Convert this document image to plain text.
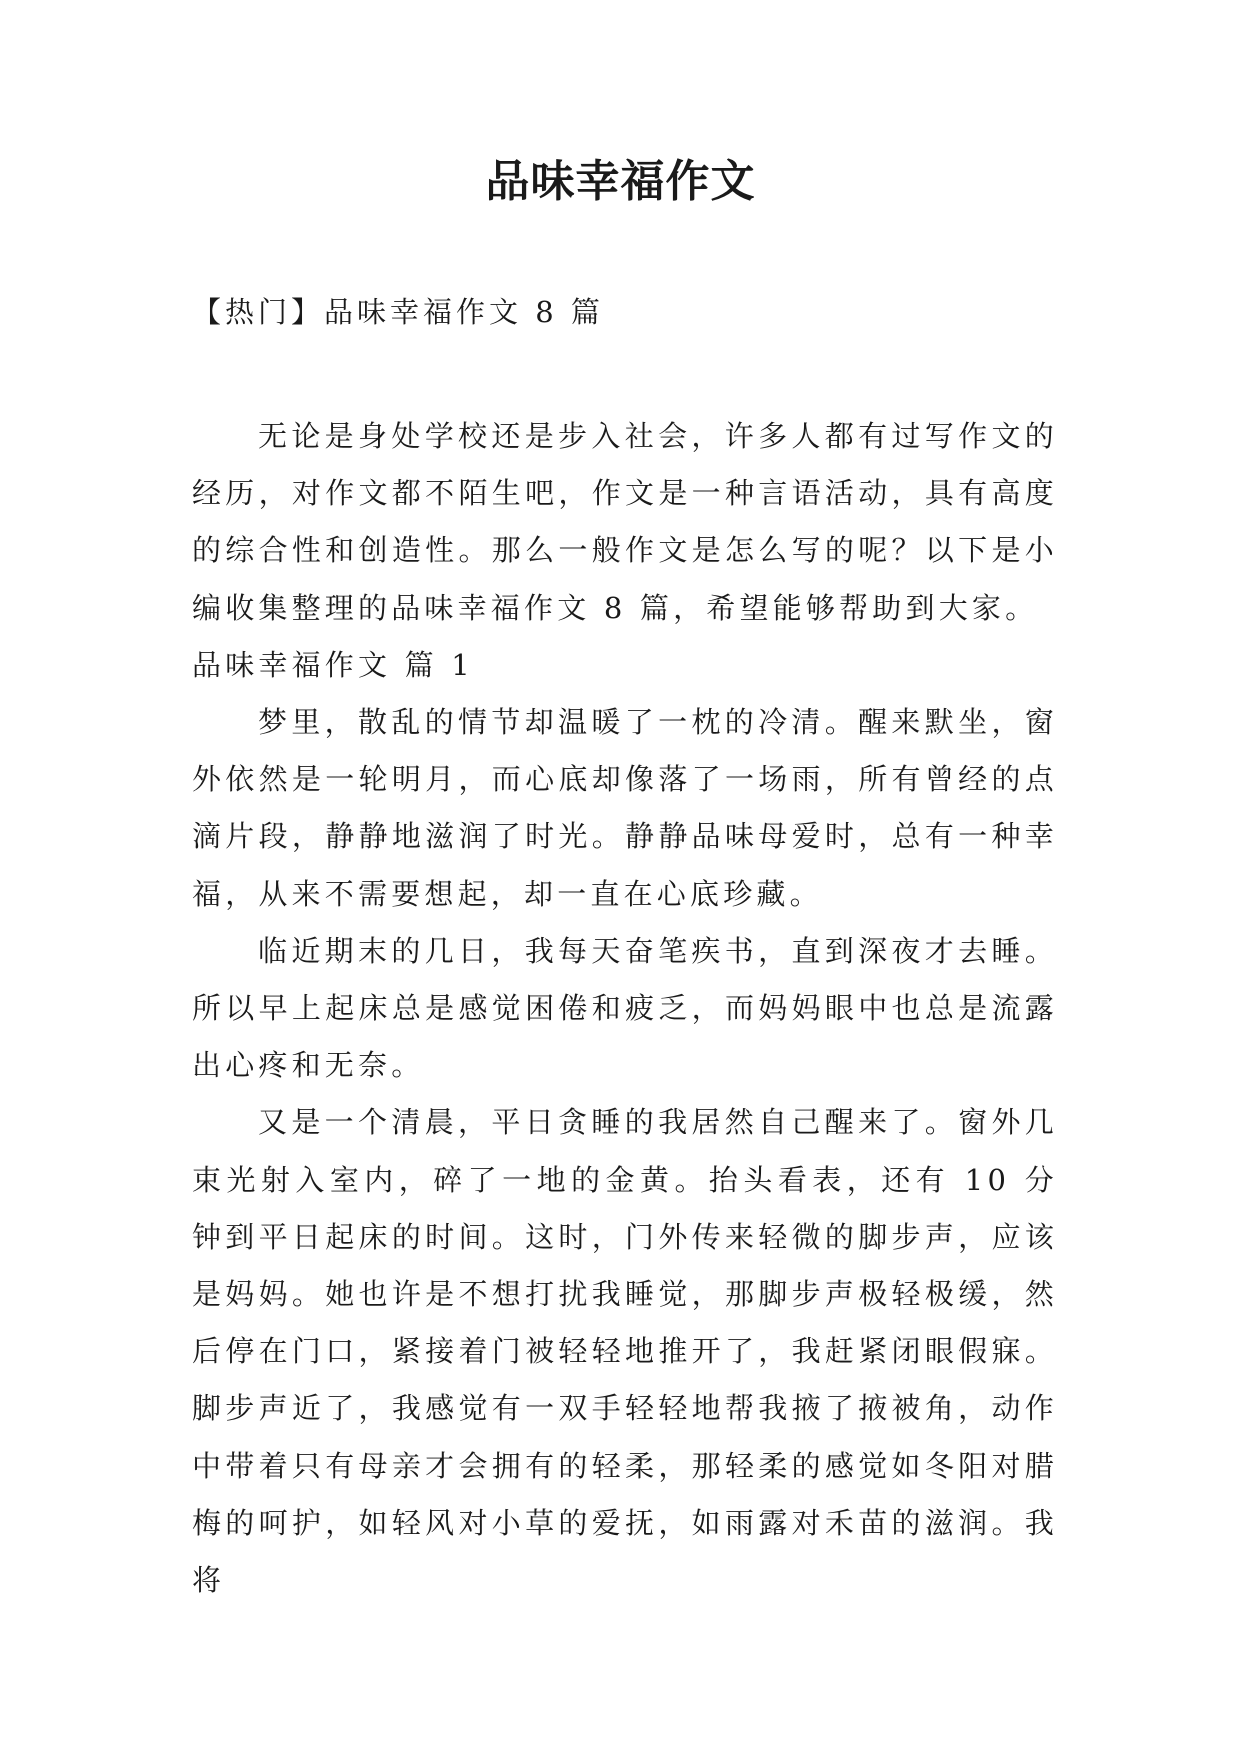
品味幸福作文

【热门】品味幸福作文 8 篇

无论是身处学校还是步入社会，许多人都有过写作文的经历，对作文都不陌生吧，作文是一种言语活动，具有高度的综合性和创造性。那么一般作文是怎么写的呢？以下是小编收集整理的品味幸福作文 8 篇，希望能够帮助到大家。

品味幸福作文 篇 1

梦里，散乱的情节却温暖了一枕的冷清。醒来默坐，窗外依然是一轮明月，而心底却像落了一场雨，所有曾经的点滴片段，静静地滋润了时光。静静品味母爱时，总有一种幸福，从来不需要想起，却一直在心底珍藏。

临近期末的几日，我每天奋笔疾书，直到深夜才去睡。所以早上起床总是感觉困倦和疲乏，而妈妈眼中也总是流露出心疼和无奈。

又是一个清晨，平日贪睡的我居然自己醒来了。窗外几束光射入室内，碎了一地的金黄。抬头看表，还有 10 分钟到平日起床的时间。这时，门外传来轻微的脚步声，应该是妈妈。她也许是不想打扰我睡觉，那脚步声极轻极缓，然后停在门口，紧接着门被轻轻地推开了，我赶紧闭眼假寐。脚步声近了，我感觉有一双手轻轻地帮我掖了掖被角，动作中带着只有母亲才会拥有的轻柔，那轻柔的感觉如冬阳对腊梅的呵护，如轻风对小草的爱抚，如雨露对禾苗的滋润。我将
